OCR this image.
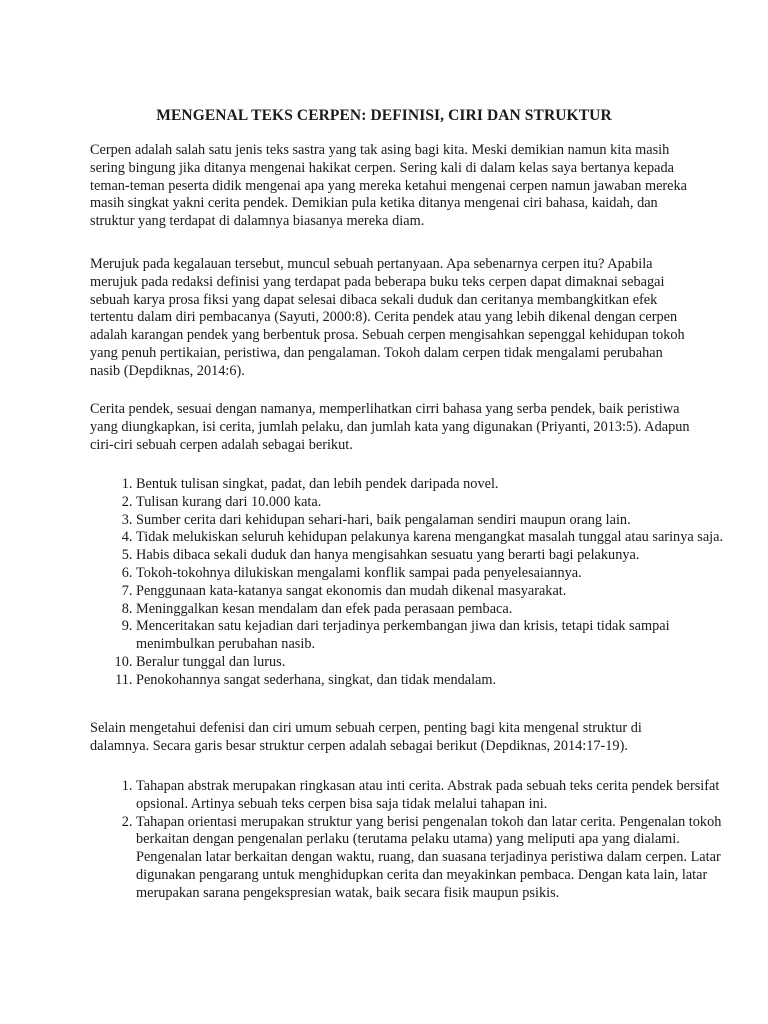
MENGENAL TEKS CERPEN: DEFINISI, CIRI DAN STRUKTUR

Cerpen adalah salah satu jenis teks sastra yang tak asing bagi kita. Meski demikian namun kita masih sering bingung jika ditanya mengenai hakikat cerpen. Sering kali di dalam kelas saya bertanya kepada teman-teman peserta didik mengenai apa yang mereka ketahui mengenai cerpen namun jawaban mereka masih singkat yakni cerita pendek. Demikian pula ketika ditanya mengenai ciri bahasa, kaidah, dan struktur yang terdapat di dalamnya biasanya mereka diam.

Merujuk pada kegalauan tersebut, muncul sebuah pertanyaan. Apa sebenarnya cerpen itu? Apabila merujuk pada redaksi definisi yang terdapat pada beberapa buku teks cerpen dapat dimaknai sebagai sebuah karya prosa fiksi yang dapat selesai dibaca sekali duduk dan ceritanya membangkitkan efek tertentu dalam diri pembacanya (Sayuti, 2000:8). Cerita pendek atau yang lebih dikenal dengan cerpen adalah karangan pendek yang berbentuk prosa. Sebuah cerpen mengisahkan sepenggal kehidupan tokoh yang penuh pertikaian, peristiwa, dan pengalaman. Tokoh dalam cerpen tidak mengalami perubahan nasib (Depdiknas, 2014:6).

Cerita pendek, sesuai dengan namanya, memperlihatkan cirri bahasa yang serba pendek, baik peristiwa yang diungkapkan, isi cerita, jumlah pelaku, dan jumlah kata yang digunakan (Priyanti, 2013:5). Adapun ciri-ciri sebuah cerpen adalah sebagai berikut.

1. Bentuk tulisan singkat, padat, dan lebih pendek daripada novel.
2. Tulisan kurang dari 10.000 kata.
3. Sumber cerita dari kehidupan sehari-hari, baik pengalaman sendiri maupun orang lain.
4. Tidak melukiskan seluruh kehidupan pelakunya karena mengangkat masalah tunggal atau sarinya saja.
5. Habis dibaca sekali duduk dan hanya mengisahkan sesuatu yang berarti bagi pelakunya.
6. Tokoh-tokohnya dilukiskan mengalami konflik sampai pada penyelesaiannya.
7. Penggunaan kata-katanya sangat ekonomis dan mudah dikenal masyarakat.
8. Meninggalkan kesan mendalam dan efek pada perasaan pembaca.
9. Menceritakan satu kejadian dari terjadinya perkembangan jiwa dan krisis, tetapi tidak sampai menimbulkan perubahan nasib.
10. Beralur tunggal dan lurus.
11. Penokohannya sangat sederhana, singkat, dan tidak mendalam.

Selain mengetahui defenisi dan ciri umum sebuah cerpen, penting bagi kita mengenal struktur di dalamnya. Secara garis besar struktur cerpen adalah sebagai berikut (Depdiknas, 2014:17-19).

1. Tahapan abstrak merupakan ringkasan atau inti cerita. Abstrak pada sebuah teks cerita pendek bersifat opsional. Artinya sebuah teks cerpen bisa saja tidak melalui tahapan ini.
2. Tahapan orientasi merupakan struktur yang berisi pengenalan tokoh dan latar cerita. Pengenalan tokoh berkaitan dengan pengenalan perlaku (terutama pelaku utama) yang meliputi apa yang dialami. Pengenalan latar berkaitan dengan waktu, ruang, dan suasana terjadinya peristiwa dalam cerpen. Latar digunakan pengarang untuk menghidupkan cerita dan meyakinkan pembaca. Dengan kata lain, latar merupakan sarana pengekspresian watak, baik secara fisik maupun psikis.
